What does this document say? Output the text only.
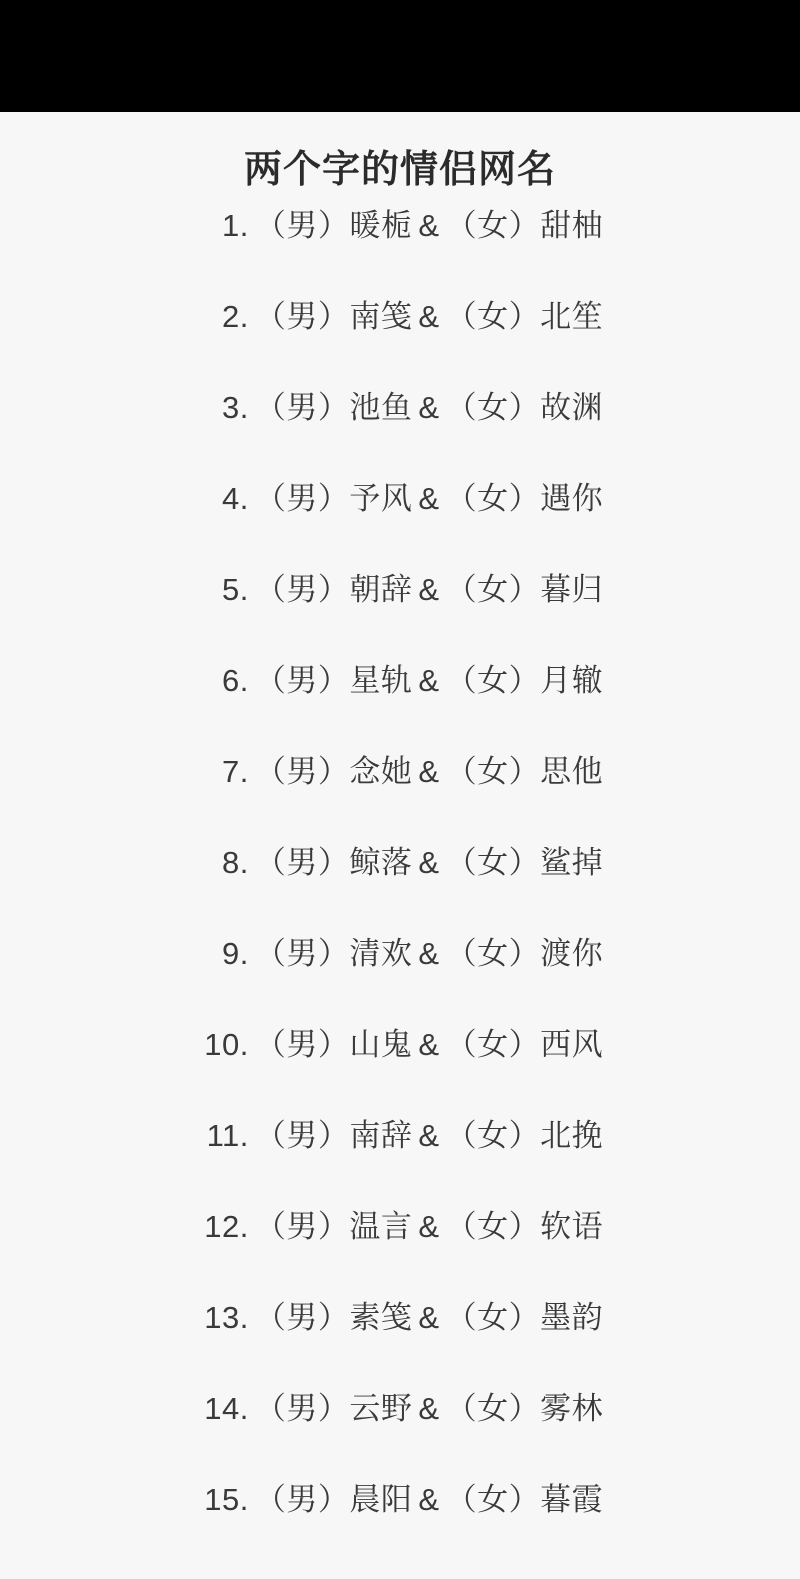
两个字的情侣网名
1. （男） 暖栀 & （女） 甜柚
2. （男） 南笺 & （女） 北笙
3. （男） 池鱼 & （女） 故渊
4. （男） 予风 & （女） 遇你
5. （男） 朝辞 & （女） 暮归
6. （男） 星轨 & （女） 月辙
7. （男） 念她 & （女） 思他
8. （男） 鲸落 & （女） 鲨掉
9. （男） 清欢 & （女） 渡你
10. （男） 山鬼 & （女） 西风
11. （男） 南辞 & （女） 北挽
12. （男） 温言 & （女） 软语
13. （男） 素笺 & （女） 墨韵
14. （男） 云野 & （女） 雾林
15. （男） 晨阳 & （女） 暮霞
